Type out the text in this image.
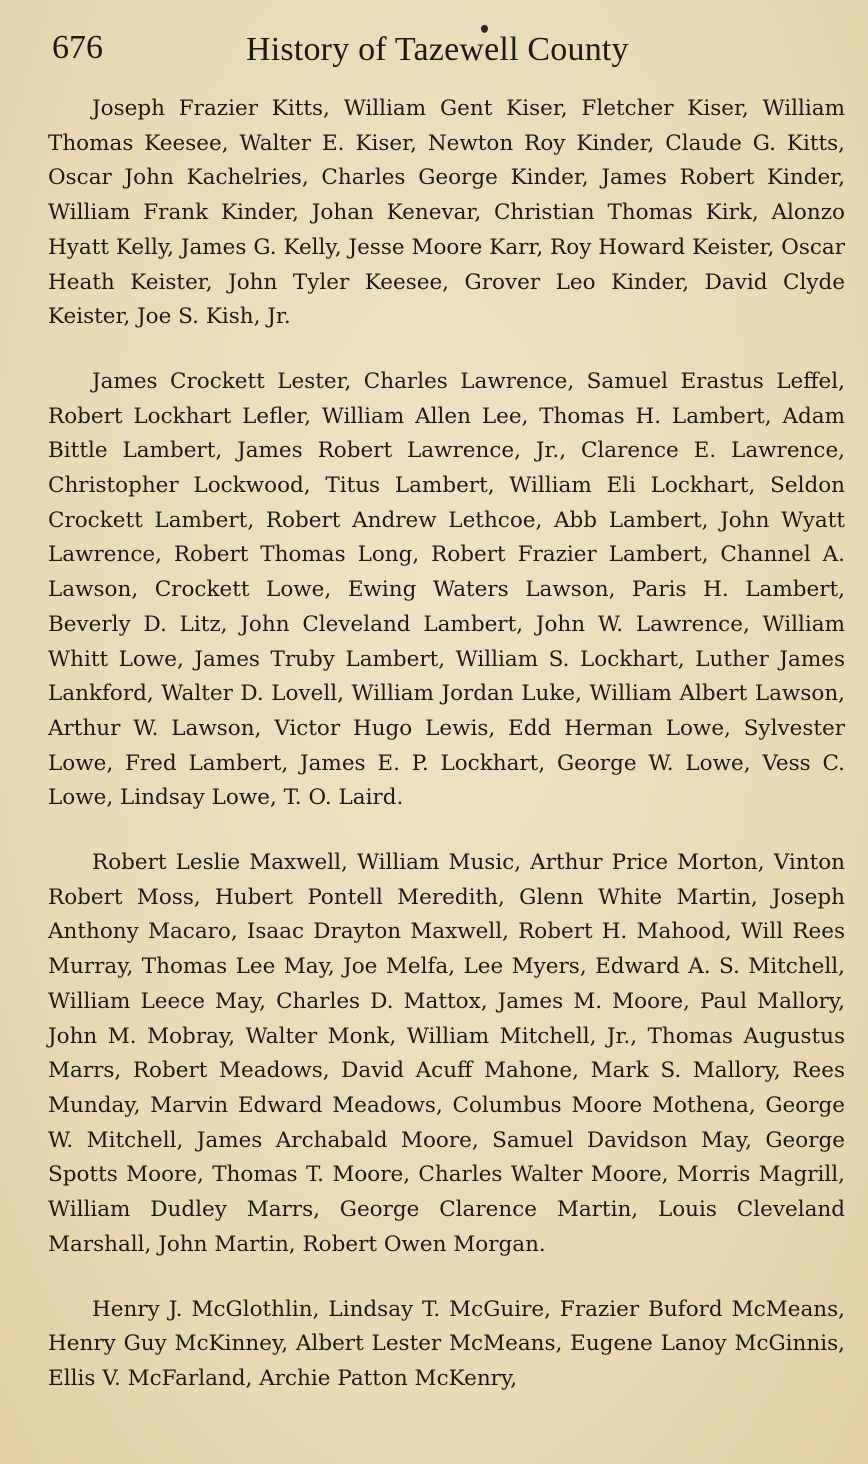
676	History of Tazewell County

Joseph Frazier Kitts, William Gent Kiser, Fletcher Kiser, William Thomas Keesee, Walter E. Kiser, Newton Roy Kinder, Claude G. Kitts, Oscar John Kachelries, Charles George Kinder, James Robert Kinder, William Frank Kinder, Johan Kenevar, Christian Thomas Kirk, Alonzo Hyatt Kelly, James G. Kelly, Jesse Moore Karr, Roy Howard Keister, Oscar Heath Keister, John Tyler Keesee, Grover Leo Kinder, David Clyde Keister, Joe S. Kish, Jr.

James Crockett Lester, Charles Lawrence, Samuel Erastus Leffel, Robert Lockhart Lefler, William Allen Lee, Thomas H. Lambert, Adam Bittle Lambert, James Robert Lawrence, Jr., Clarence E. Lawrence, Christopher Lockwood, Titus Lambert, William Eli Lockhart, Seldon Crockett Lambert, Robert Andrew Lethcoe, Abb Lambert, John Wyatt Lawrence, Robert Thomas Long, Robert Frazier Lambert, Channel A. Lawson, Crockett Lowe, Ewing Waters Lawson, Paris H. Lambert, Beverly D. Litz, John Cleveland Lambert, John W. Lawrence, William Whitt Lowe, James Truby Lambert, William S. Lockhart, Luther James Lankford, Walter D. Lovell, William Jordan Luke, William Albert Lawson, Arthur W. Lawson, Victor Hugo Lewis, Edd Herman Lowe, Sylvester Lowe, Fred Lambert, James E. P. Lockhart, George W. Lowe, Vess C. Lowe, Lindsay Lowe, T. O. Laird.

Robert Leslie Maxwell, William Music, Arthur Price Morton, Vinton Robert Moss, Hubert Pontell Meredith, Glenn White Martin, Joseph Anthony Macaro, Isaac Drayton Maxwell, Robert H. Mahood, Will Rees Murray, Thomas Lee May, Joe Melfa, Lee Myers, Edward A. S. Mitchell, William Leece May, Charles D. Mattox, James M. Moore, Paul Mallory, John M. Mobray, Walter Monk, William Mitchell, Jr., Thomas Augustus Marrs, Robert Meadows, David Acuff Mahone, Mark S. Mallory, Rees Munday, Marvin Edward Meadows, Columbus Moore Mothena, George W. Mitchell, James Archabald Moore, Samuel Davidson May, George Spotts Moore, Thomas T. Moore, Charles Walter Moore, Morris Magrill, William Dudley Marrs, George Clarence Martin, Louis Cleveland Marshall, John Martin, Robert Owen Morgan.

Henry J. McGlothlin, Lindsay T. McGuire, Frazier Buford McMeans, Henry Guy McKinney, Albert Lester McMeans, Eugene Lanoy McGinnis, Ellis V. McFarland, Archie Patton McKenry,
